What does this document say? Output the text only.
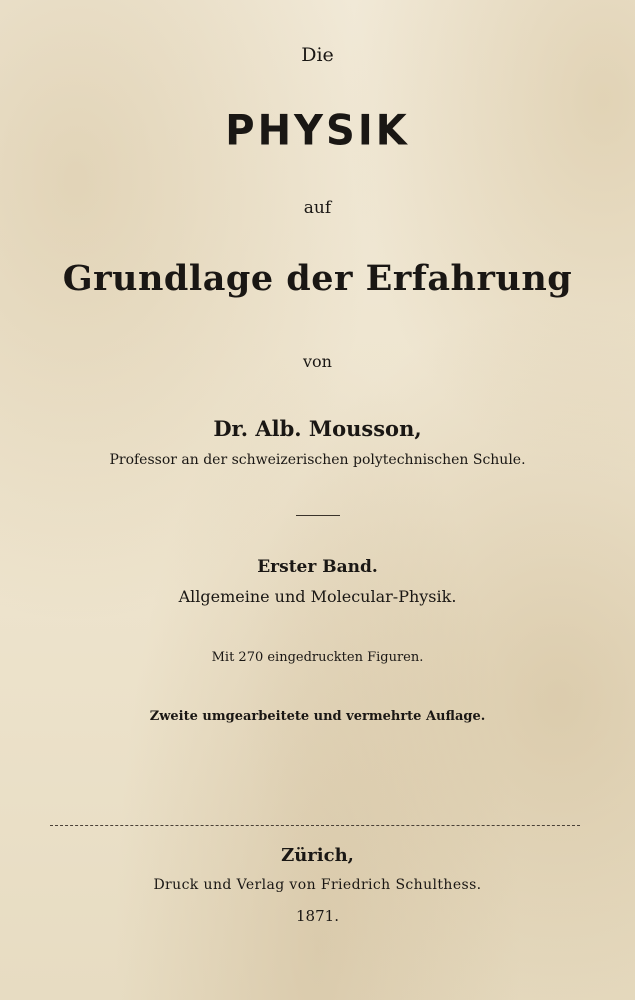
Die
PHYSIK
auf
Grundlage der Erfahrung
von
Dr. Alb. Mousson,
Professor an der schweizerischen polytechnischen Schule.
Erster Band.
Allgemeine und Molecular-Physik.
Mit 270 eingedruckten Figuren.
Zweite umgearbeitete und vermehrte Auflage.
Zürich,
Druck und Verlag von Friedrich Schulthess.
1871.
